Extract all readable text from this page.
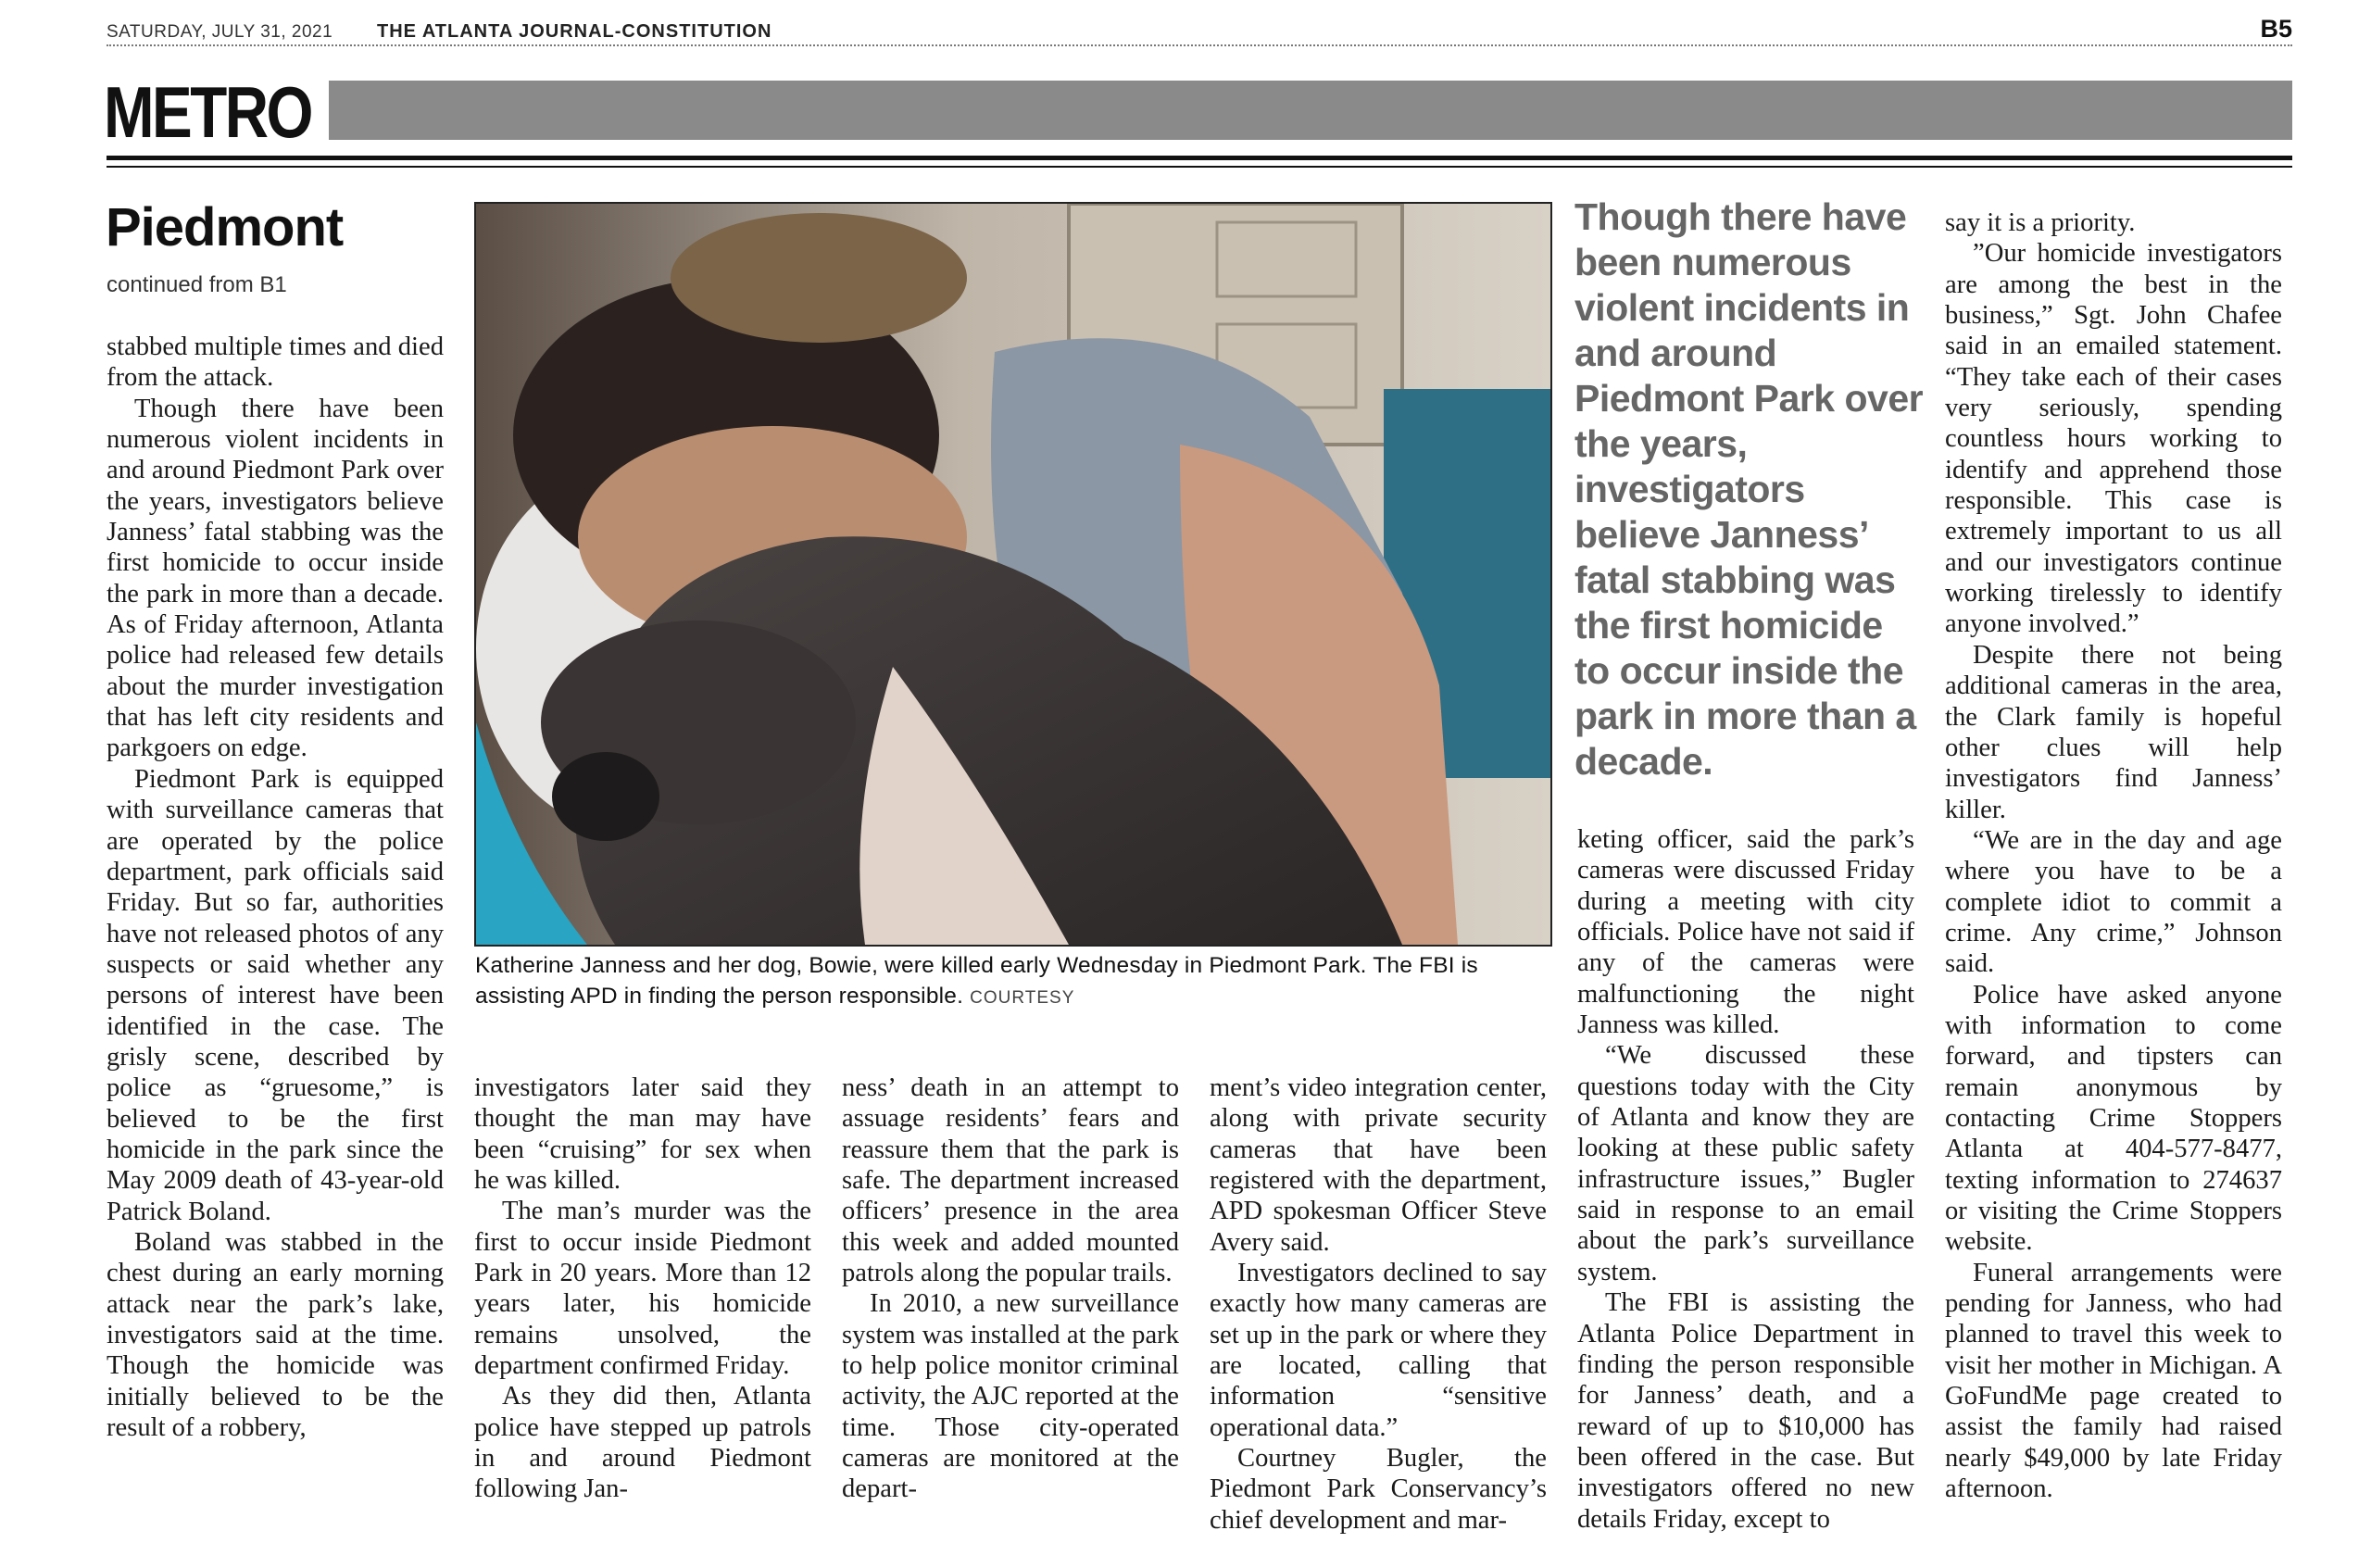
SATURDAY, JULY 31, 2021 THE ATLANTA JOURNAL-CONSTITUTION	B5
METRO
Piedmont
continued from B1

stabbed multiple times and died from the attack.

Though there have been numerous violent incidents in and around Piedmont Park over the years, investigators believe Janness’ fatal stabbing was the first homicide to occur inside the park in more than a decade. As of Friday afternoon, Atlanta police had released few details about the murder investigation that has left city residents and parkgoers on edge.

Piedmont Park is equipped with surveillance cameras that are operated by the police department, park officials said Friday. But so far, authorities have not released photos of any suspects or said whether any persons of interest have been identified in the case. The grisly scene, described by police as “gruesome,” is believed to be the first homicide in the park since the May 2009 death of 43-year-old Patrick Boland.

Boland was stabbed in the chest during an early morning attack near the park’s lake, investigators said at the time. Though the homicide was initially believed to be the result of a robbery,

Katherine Janness and her dog, Bowie, were killed early Wednesday in Piedmont Park. The FBI is assisting APD in finding the person responsible. COURTESY
Though there have been numerous violent incidents in and around Piedmont Park over the years, investigators believe Janness’ fatal stabbing was the first homicide to occur inside the park in more than a decade.

investigators later said they thought the man may have been “cruising” for sex when he was killed.

The man’s murder was the first to occur inside Piedmont Park in 20 years. More than 12 years later, his homicide remains unsolved, the department confirmed Friday.

As they did then, Atlanta police have stepped up patrols in and around Piedmont following Jan-

ness’ death in an attempt to assuage residents’ fears and reassure them that the park is safe. The department increased officers’ presence in the area this week and added mounted patrols along the popular trails.

In 2010, a new surveillance system was installed at the park to help police monitor criminal activity, the AJC reported at the time. Those city-operated cameras are monitored at the depart-

ment’s video integration center, along with private security cameras that have been registered with the department, APD spokesman Officer Steve Avery said.

Investigators declined to say exactly how many cameras are set up in the park or where they are located, calling that information “sensitive operational data.”

Courtney Bugler, the Piedmont Park Conservancy’s chief development and mar-

keting officer, said the park’s cameras were discussed Friday during a meeting with city officials. Police have not said if any of the cameras were malfunctioning the night Janness was killed.

“We discussed these questions today with the City of Atlanta and know they are looking at these public safety infrastructure issues,” Bugler said in response to an email about the park’s surveillance system.

The FBI is assisting the Atlanta Police Department in finding the person responsible for Janness’ death, and a reward of up to $10,000 has been offered in the case. But investigators offered no new details Friday, except to

say it is a priority.

”Our homicide investigators are among the best in the business,” Sgt. John Chafee said in an emailed statement. “They take each of their cases very seriously, spending countless hours working to identify and apprehend those responsible. This case is extremely important to us all and our investigators continue working tirelessly to identify anyone involved.”

Despite there not being additional cameras in the area, the Clark family is hopeful other clues will help investigators find Janness’ killer.

“We are in the day and age where you have to be a complete idiot to commit a crime. Any crime,” Johnson said.

Police have asked anyone with information to come forward, and tipsters can remain anonymous by contacting Crime Stoppers Atlanta at 404-577-8477, texting information to 274637 or visiting the Crime Stoppers website.

Funeral arrangements were pending for Janness, who had planned to travel this week to visit her mother in Michigan. A GoFundMe page created to assist the family had raised nearly $49,000 by late Friday afternoon.
